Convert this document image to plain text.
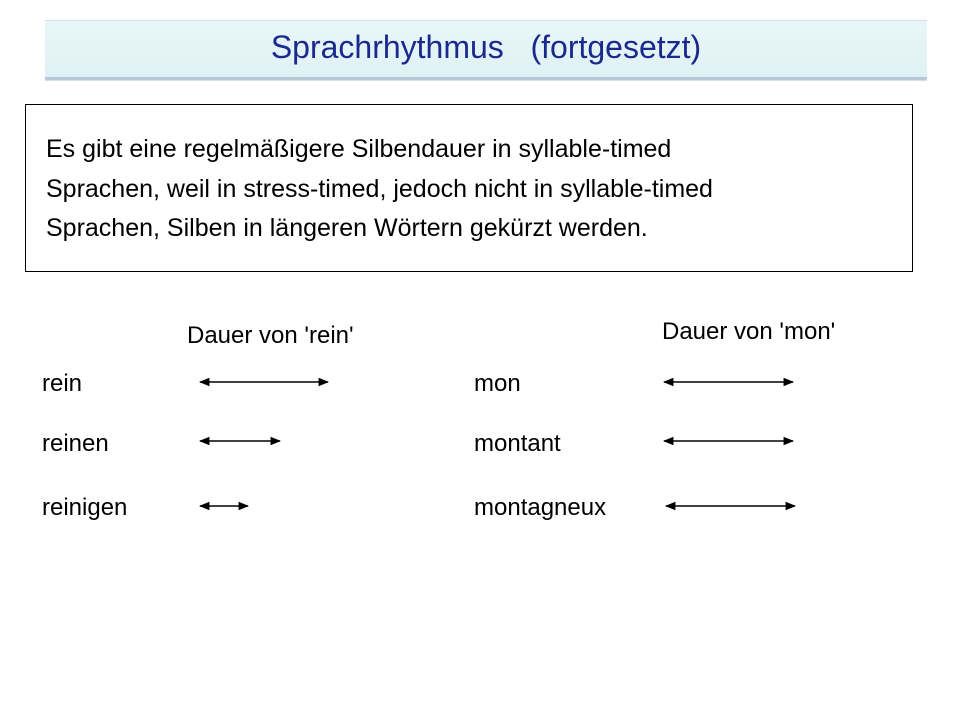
Sprachrhythmus   (fortgesetzt)
Es gibt eine regelmäßigere Silbendauer in syllable-timed
Sprachen, weil in stress-timed, jedoch nicht in syllable-timed
Sprachen, Silben in längeren Wörtern gekürzt werden.
Dauer von 'rein'	Dauer von 'mon'
rein
reinen
reinigen
mon
montant
montagneux
